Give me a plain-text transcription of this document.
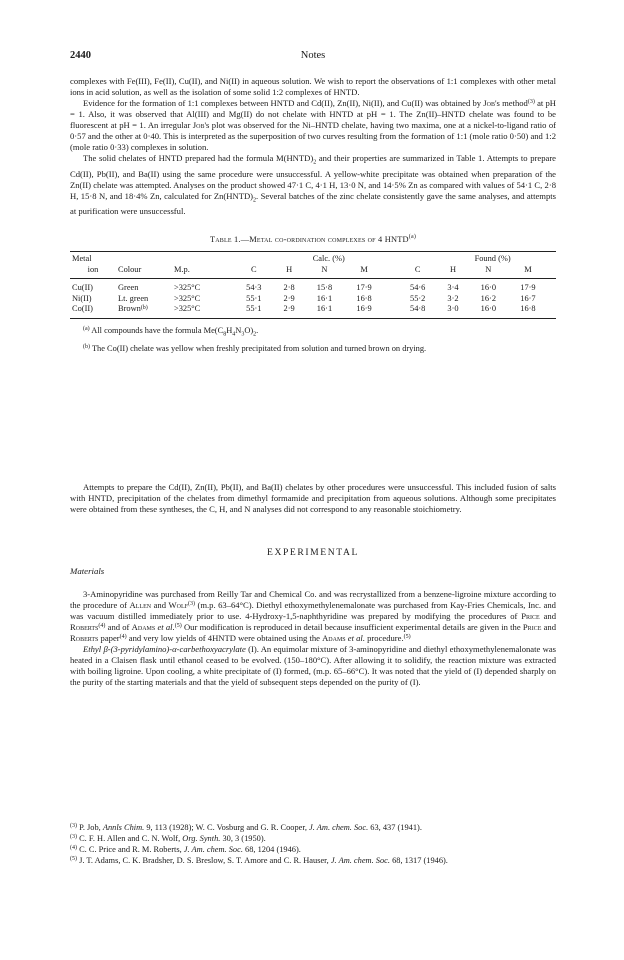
2440	Notes

complexes with Fe(III), Fe(II), Cu(II), and Ni(II) in aqueous solution. We wish to report the observations of 1:1 complexes with other metal ions in acid solution, as well as the isolation of some solid 1:2 complexes of HNTD.

Evidence for the formation of 1:1 complexes between HNTD and Cd(II), Zn(II), Ni(II), and Cu(II) was obtained by Job's method$^{(3)}$ at pH = 1. Also, it was observed that Al(III) and Mg(II) do not chelate with HNTD at pH = 1. The Zn(II)–HNTD chelate was found to be fluorescent at pH = 1. An irregular Job's plot was observed for the Ni–HNTD chelate, having two maxima, one at a nickel-to-ligand ratio of 0·57 and the other at 0·40. This is interpreted as the superposition of two curves resulting from the formation of 1:1 (mole ratio 0·50) and 1:2 (mole ratio 0·33) complexes in solution.

The solid chelates of HNTD prepared had the formula $M(HNTD)_2$ and their properties are summarized in Table 1. Attempts to prepare Cd(II), Pb(II), and Ba(II) using the same procedure were unsuccessful. A yellow-white precipitate was obtained when preparation of the Zn(II) chelate was attempted. Analyses on the product showed 47·1 C, 4·1 H, 13·0 N, and 14·5% Zn as compared with values of 54·1 C, 2·8 H, 15·8 N, and 18·4% Zn, calculated for $Zn(HNTD)_2$. Several batches of the zinc chelate consistently gave the same analyses, and attempts at purification were unsuccessful.

Table 1.—Metal co-ordination complexes of 4 HNTD$^{(a)}$
Metal				Calc. (%)					Found (%)			
ion	Colour	M.p.	C	H	N	M		C	H	N	M	
Cu(II)	Green	>325°C	54·3	2·8	15·8	17·9		54·6	3·4	16·0	17·9	
Ni(II)	Lt. green	>325°C	55·1	2·9	16·1	16·8		55·2	3·2	16·2	16·7	
Co(II)	Brown$^{(b)}$	>325°C	55·1	2·9	16·1	16·9		54·8	3·0	16·0	16·8	

$^{(a)}$ All compounds have the formula $Me(C_8H_4N_3O)_2$.

$^{(b)}$ The Co(II) chelate was yellow when freshly precipitated from solution and turned brown on drying.

Attempts to prepare the Cd(II), Zn(II), Pb(II), and Ba(II) chelates by other procedures were unsuccessful. This included fusion of salts with HNTD, precipitation of the chelates from dimethyl formamide and precipitation from aqueous solutions. Although some precipitates were obtained from these syntheses, the C, H, and N analyses did not correspond to any reasonable stoichiometry.

EXPERIMENTAL
Materials

3-Aminopyridine was purchased from Reilly Tar and Chemical Co. and was recrystallized from a benzene-ligroine mixture according to the procedure of Allen and Wolf$^{(3)}$ (m.p. 63–64°C). Diethyl ethoxymethylenemalonate was purchased from Kay-Fries Chemicals, Inc. and was vacuum distilled immediately prior to use. 4-Hydroxy-1,5-naphthyridine was prepared by modifying the procedures of Price and Roberts$^{(4)}$ and of Adams et al.$^{(5)}$ Our modification is reproduced in detail because insufficient experimental details are given in the Price and Roberts paper$^{(4)}$ and very low yields of 4HNTD were obtained using the Adams et al. procedure.$^{(5)}$

Ethyl β-(3-pyridylamino)-α-carbethoxyacrylate (I). An equimolar mixture of 3-aminopyridine and diethyl ethoxymethylenemalonate was heated in a Claisen flask until ethanol ceased to be evolved. (150–180°C). After allowing it to solidify, the reaction mixture was extracted with boiling ligroine. Upon cooling, a white precipitate of (I) formed, (m.p. 65–66°C). It was noted that the yield of (I) depended sharply on the purity of the starting materials and that the yield of subsequent steps depended on the purity of (I).

$^{(3)}$ P. Job, Annls Chim. 9, 113 (1928); W. C. Vosburg and G. R. Cooper, J. Am. chem. Soc. 63, 437 (1941).

$^{(3)}$ C. F. H. Allen and C. N. Wolf, Org. Synth. 30, 3 (1950).

$^{(4)}$ C. C. Price and R. M. Roberts, J. Am. chem. Soc. 68, 1204 (1946).

$^{(5)}$ J. T. Adams, C. K. Bradsher, D. S. Breslow, S. T. Amore and C. R. Hauser, J. Am. chem. Soc. 68, 1317 (1946).
